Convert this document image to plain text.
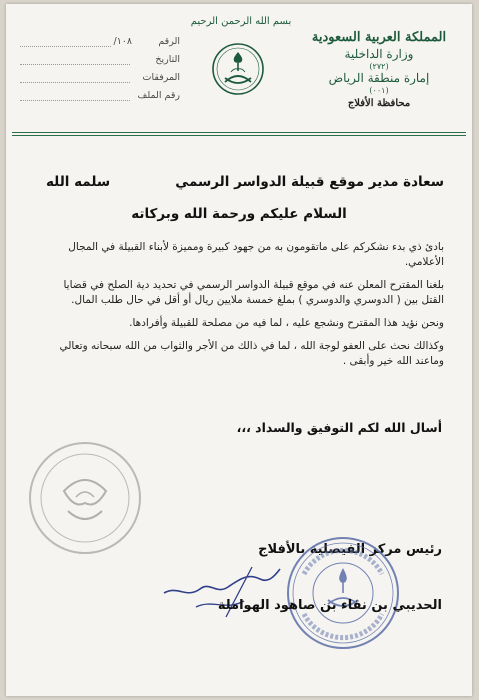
بسم الله الرحمن الرحيم
المملكة العربية السعودية
وزارة الداخلية
(٢٧٢)
إمارة منطقة الرياض
(٠٠١)
محافظة الأفلاج
الرقم
١٠٨/
التاريخ
المرفقات
رقم الملف
سعادة مدير موقع قبيلة الدواسر الرسمي
سلمه الله
السلام عليكم ورحمة الله وبركاته

بادئ ذي بدء نشكركم على ماتقومون به من جهود كبيرة ومميزة لأبناء القبيلة في المجال الأعلامي.

بلغنا المقترح المعلن عنه في موقع قبيلة الدواسر الرسمي في تحديد دية الصلح في قضايا القتل بين ( الدوسري والدوسري ) بملغ خمسة ملايين ريال أو أقل في حال طلب المال.

ونحن نؤيد هذا المقترح ونشجع عليه ، لما فيه من مصلحة للقبيلة وأفرادها.

وكذالك نحث على العفو لوجة الله ، لما في ذالك من الأجر والثواب من الله سبحانه وتعالي وماعند الله خير وأبقى .

أسال الله لكم التوفيق والسداد ،،،
رئيس مركز الفيصلية بالأفلاج
الحديبي بن نقاء بن صاهود الهواملة
